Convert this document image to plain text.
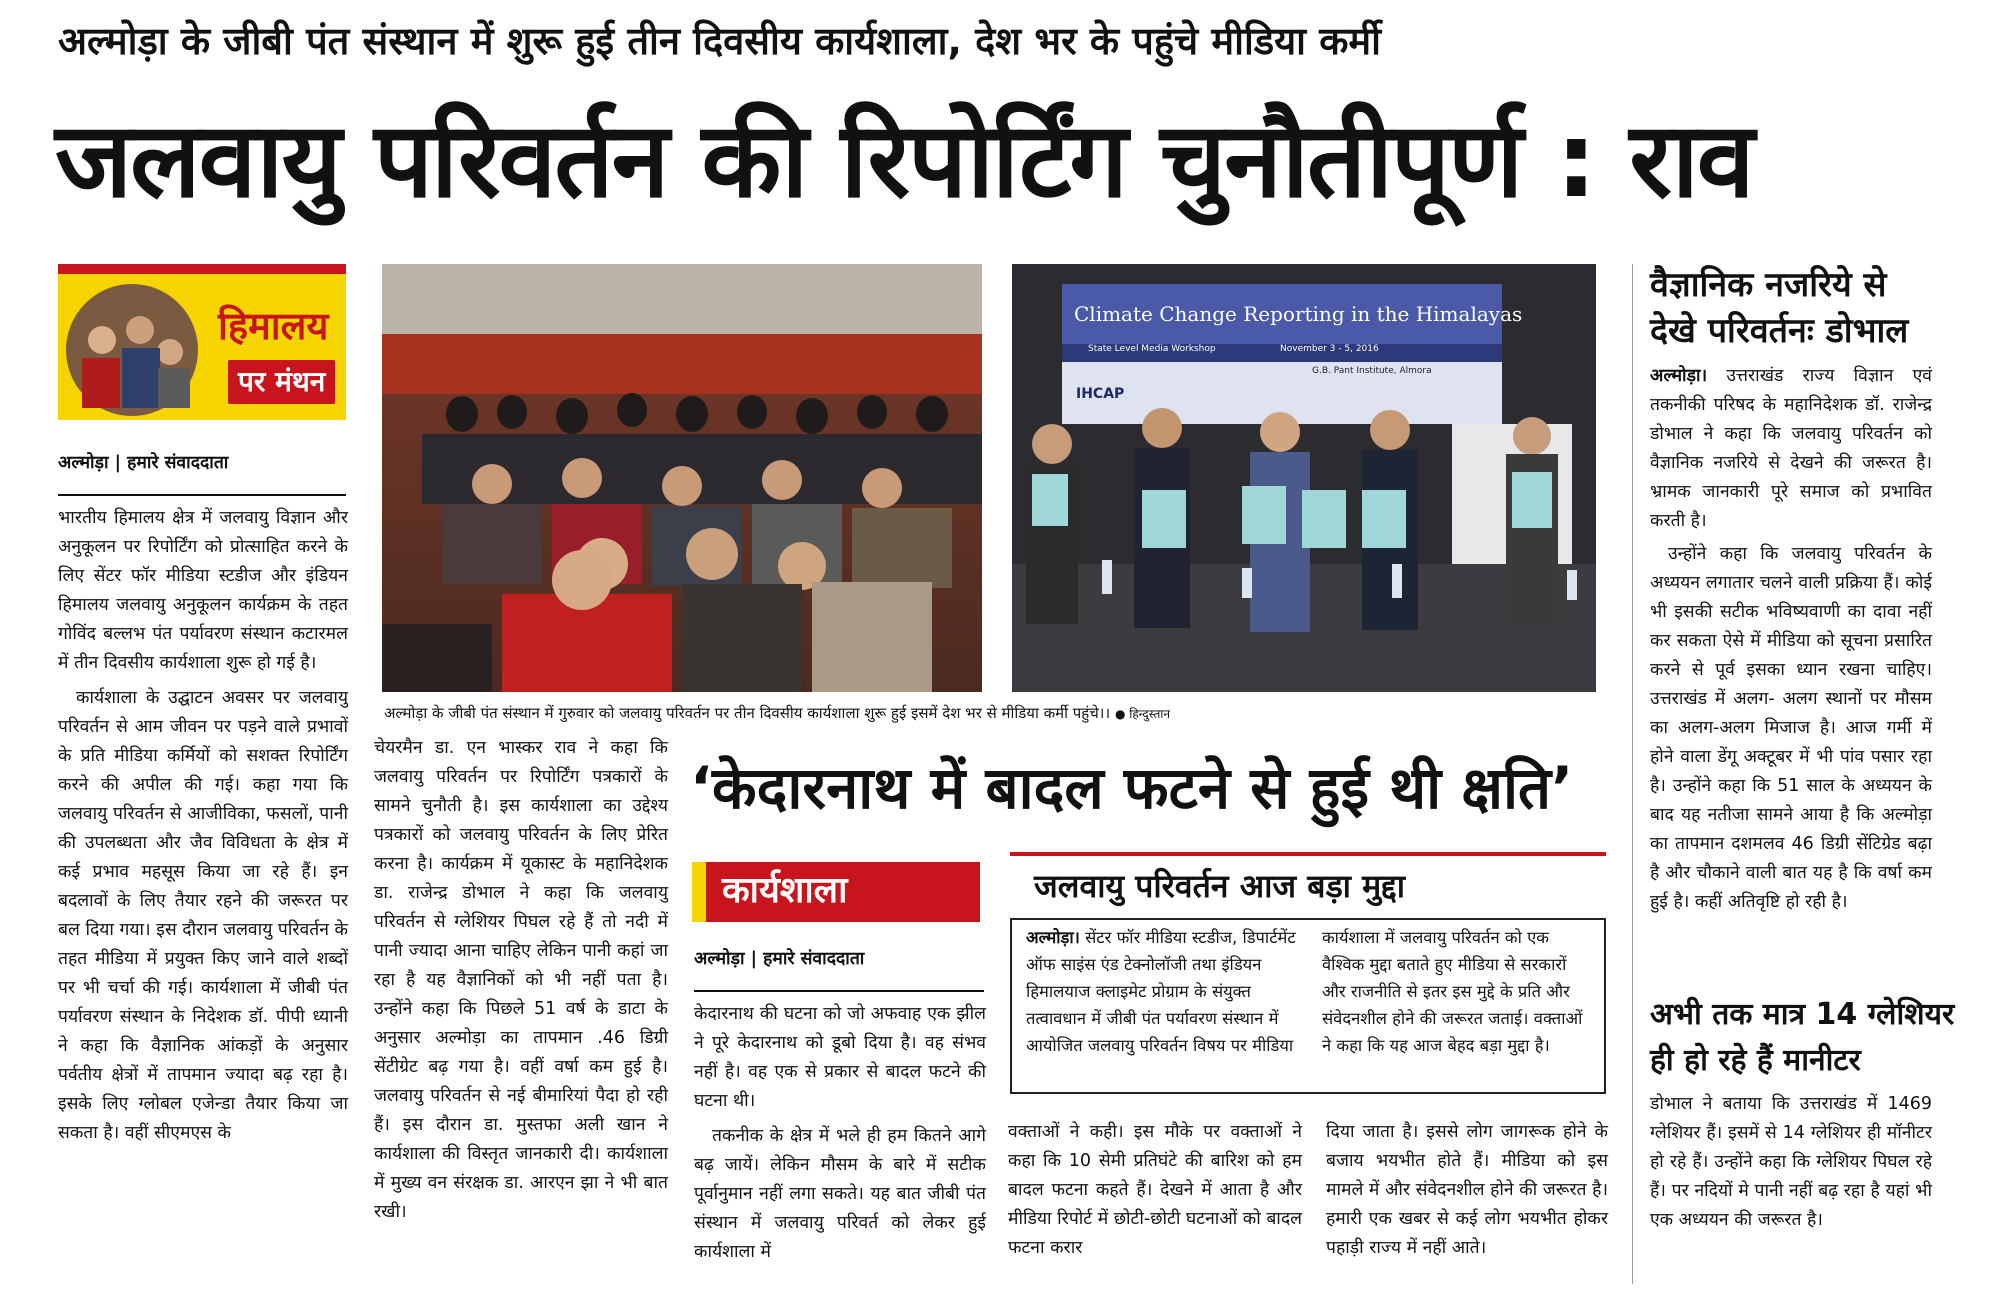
अल्मोड़ा के जीबी पंत संस्थान में शुरू हुई तीन दिवसीय कार्यशाला, देश भर के पहुंचे मीडिया कर्मी
जलवायु परिवर्तन की रिपोर्टिंग चुनौतीपूर्ण : राव
हिमालय
पर मंथन
अल्मोड़ा | हमारे संवाददाता

भारतीय हिमालय क्षेत्र में जलवायु विज्ञान और अनुकूलन पर रिपोर्टिंग को प्रोत्साहित करने के लिए सेंटर फॉर मीडिया स्टडीज और इंडियन हिमालय जलवायु अनुकूलन कार्यक्रम के तहत गोविंद बल्लभ पंत पर्यावरण संस्थान कटारमल में तीन दिवसीय कार्यशाला शुरू हो गई है।

कार्यशाला के उद्घाटन अवसर पर जलवायु परिवर्तन से आम जीवन पर पड़ने वाले प्रभावों के प्रति मीडिया कर्मियों को सशक्त रिपोर्टिंग करने की अपील की गई। कहा गया कि जलवायु परिवर्तन से आजीविका, फसलों, पानी की उपलब्धता और जैव विविधता के क्षेत्र में कई प्रभाव महसूस किया जा रहे हैं। इन बदलावों के लिए तैयार रहने की जरूरत पर बल दिया गया। इस दौरान जलवायु परिवर्तन के तहत मीडिया में प्रयुक्त किए जाने वाले शब्दों पर भी चर्चा की गई। कार्यशाला में जीबी पंत पर्यावरण संस्थान के निदेशक डॉ. पीपी ध्यानी ने कहा कि वैज्ञानिक आंकड़ों के अनुसार पर्वतीय क्षेत्रों में तापमान ज्यादा बढ़ रहा है। इसके लिए ग्लोबल एजेन्डा तैयार किया जा सकता है। वहीं सीएमएस के

Climate Change Reporting in the Himalayas
State Level Media Workshop	November 3 - 5, 2016
G.B. Pant Institute, Almora
IHCAP
अल्मोड़ा के जीबी पंत संस्थान में गुरुवार को जलवायु परिवर्तन पर तीन दिवसीय कार्यशाला शुरू हुई इसमें देश भर से मीडिया कर्मी पहुंचे।। ● हिन्दुस्तान
‘केदारनाथ में बादल फटने से हुई थी क्षति’

चेयरमैन डा. एन भास्कर राव ने कहा कि जलवायु परिवर्तन पर रिपोर्टिंग पत्रकारों के सामने चुनौती है। इस कार्यशाला का उद्देश्य पत्रकारों को जलवायु परिवर्तन के लिए प्रेरित करना है। कार्यक्रम में यूकास्ट के महानिदेशक डा. राजेन्द्र डोभाल ने कहा कि जलवायु परिवर्तन से ग्लेशियर पिघल रहे हैं तो नदी में पानी ज्यादा आना चाहिए लेकिन पानी कहां जा रहा है यह वैज्ञानिकों को भी नहीं पता है। उन्होंने कहा कि पिछले 51 वर्ष के डाटा के अनुसार अल्मोड़ा का तापमान .46 डिग्री सेंटीग्रेट बढ़ गया है। वहीं वर्षा कम हुई है। जलवायु परिवर्तन से नई बीमारियां पैदा हो रही हैं। इस दौरान डा. मुस्तफा अली खान ने कार्यशाला की विस्तृत जानकारी दी। कार्यशाला में मुख्य वन संरक्षक डा. आरएन झा ने भी बात रखी।

कार्यशाला
अल्मोड़ा | हमारे संवाददाता

केदारनाथ की घटना को जो अफवाह एक झील ने पूरे केदारनाथ को डूबो दिया है। वह संभव नहीं है। वह एक से प्रकार से बादल फटने की घटना थी।

तकनीक के क्षेत्र में भले ही हम कितने आगे बढ़ जायें। लेकिन मौसम के बारे में सटीक पूर्वानुमान नहीं लगा सकते। यह बात जीबी पंत संस्थान में जलवायु परिवर्त को लेकर हुई कार्यशाला में

जलवायु परिवर्तन आज बड़ा मुद्दा
अल्मोड़ा। सेंटर फॉर मीडिया स्टडीज, डिपार्टमेंट ऑफ साइंस एंड टेक्नोलॉजी तथा इंडियन हिमालयाज क्लाइमेट प्रोग्राम के संयुक्त तत्वावधान में जीबी पंत पर्यावरण संस्थान में आयोजित जलवायु परिवर्तन विषय पर मीडिया
कार्यशाला में जलवायु परिवर्तन को एक वैश्विक मुद्दा बताते हुए मीडिया से सरकारों और राजनीति से इतर इस मुद्दे के प्रति और संवेदनशील होने की जरूरत जताई। वक्ताओं ने कहा कि यह आज बेहद बड़ा मुद्दा है।

वक्ताओं ने कही। इस मौके पर वक्ताओं ने कहा कि 10 सेमी प्रतिघंटे की बारिश को हम बादल फटना कहते हैं। देखने में आता है और मीडिया रिपोर्ट में छोटी-छोटी घटनाओं को बादल फटना करार

दिया जाता है। इससे लोग जागरूक होने के बजाय भयभीत होते हैं। मीडिया को इस मामले में और संवेदनशील होने की जरूरत है। हमारी एक खबर से कई लोग भयभीत होकर पहाड़ी राज्य में नहीं आते।

वैज्ञानिक नजरिये से
देखे परिवर्तनः डोभाल

अल्मोड़ा। उत्तराखंड राज्य विज्ञान एवं तकनीकी परिषद के महानिदेशक डॉ. राजेन्द्र डोभाल ने कहा कि जलवायु परिवर्तन को वैज्ञानिक नजरिये से देखने की जरूरत है। भ्रामक जानकारी पूरे समाज को प्रभावित करती है।

उन्होंने कहा कि जलवायु परिवर्तन के अध्ययन लगातार चलने वाली प्रक्रिया हैं। कोई भी इसकी सटीक भविष्यवाणी का दावा नहीं कर सकता ऐसे में मीडिया को सूचना प्रसारित करने से पूर्व इसका ध्यान रखना चाहिए। उत्तराखंड में अलग- अलग स्थानों पर मौसम का अलग-अलग मिजाज है। आज गर्मी में होने वाला डेंगू अक्टूबर में भी पांव पसार रहा है। उन्होंने कहा कि 51 साल के अध्ययन के बाद यह नतीजा सामने आया है कि अल्मोड़ा का तापमान दशमलव 46 डिग्री सेंटिग्रेड बढ़ा है और चौकाने वाली बात यह है कि वर्षा कम हुई है। कहीं अतिवृष्टि हो रही है।

अभी तक मात्र 14 ग्लेशियर
ही हो रहे हैं मानीटर

डोभाल ने बताया कि उत्तराखंड में 1469 ग्लेशियर हैं। इसमें से 14 ग्लेशियर ही मॉनीटर हो रहे हैं। उन्होंने कहा कि ग्लेशियर पिघल रहे हैं। पर नदियों मे पानी नहीं बढ़ रहा है यहां भी एक अध्ययन की जरूरत है।
